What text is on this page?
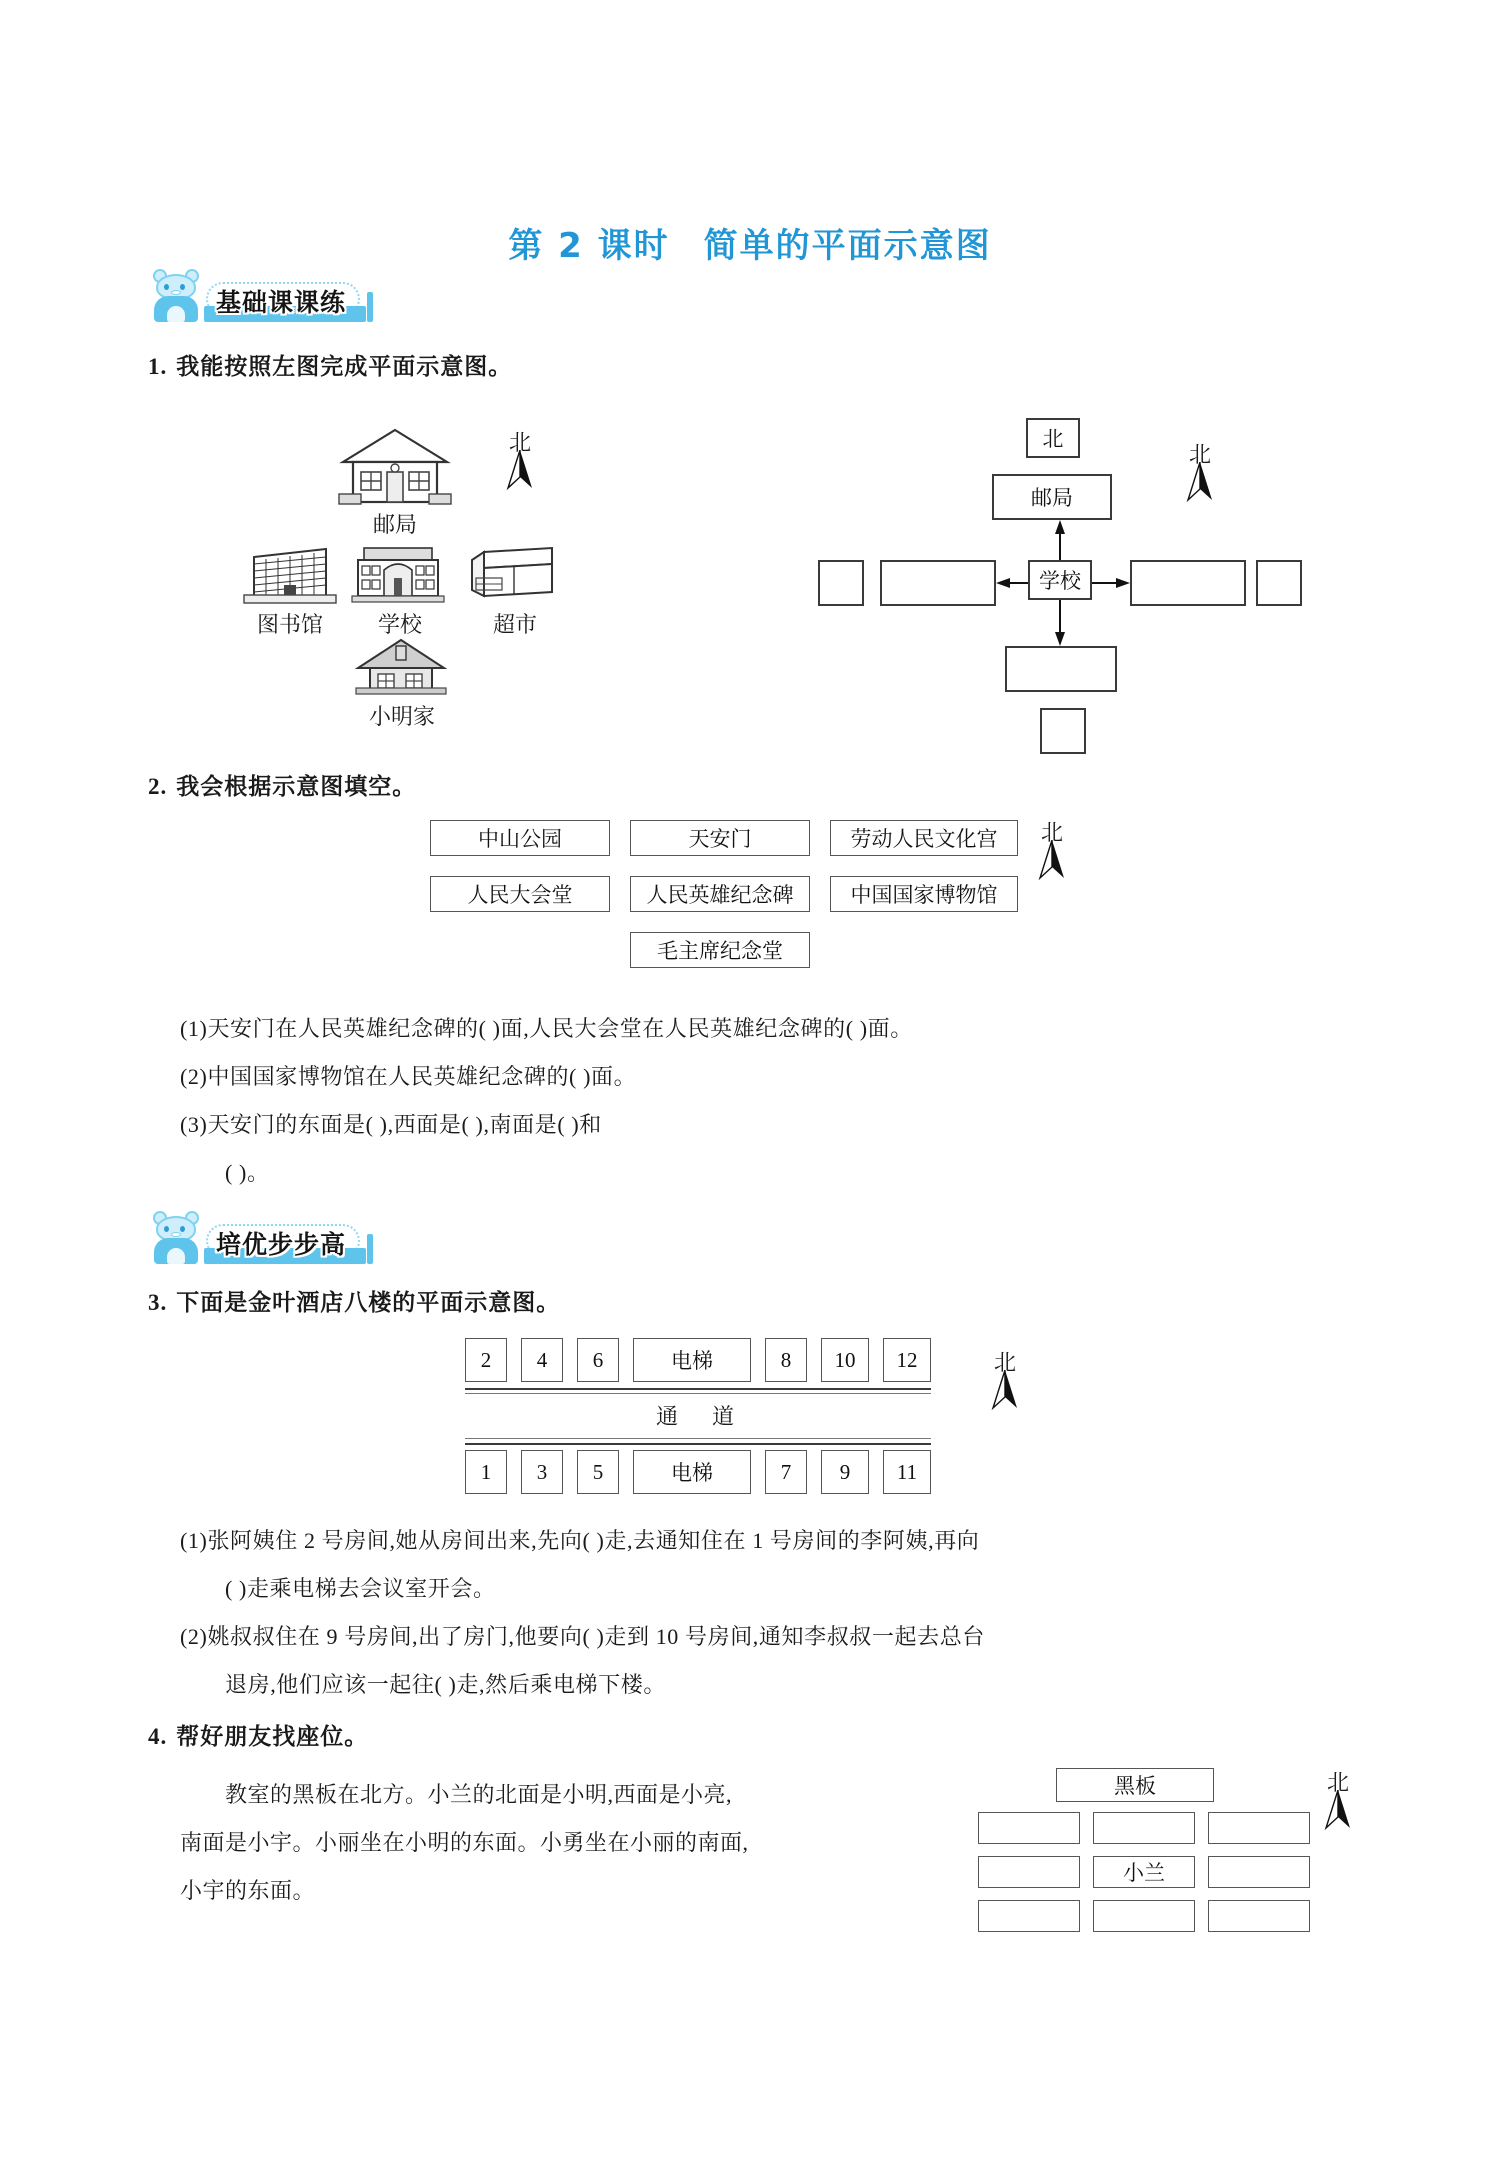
第 2 课时 简单的平面示意图
基础课课练
1. 我能按照左图完成平面示意图。
邮局
图书馆	学校	超市
小明家
北	北
邮局
北
学校
2. 我会根据示意图填空。
中山公园	天安门	劳动人民文化宫
人民大会堂	人民英雄纪念碑	中国国家博物馆
毛主席纪念堂
北
(1)天安门在人民英雄纪念碑的( )面,人民大会堂在人民英雄纪念碑的( )面。
(2)中国国家博物馆在人民英雄纪念碑的( )面。
(3)天安门的东面是( ),西面是( ),南面是( )和
( )。
培优步步高
3. 下面是金叶酒店八楼的平面示意图。
2	4	6	电梯	8	10	12
通　道
1	3	5	电梯	7	9	11
北
(1)张阿姨住 2 号房间,她从房间出来,先向( )走,去通知住在 1 号房间的李阿姨,再向
( )走乘电梯去会议室开会。
(2)姚叔叔住在 9 号房间,出了房门,他要向( )走到 10 号房间,通知李叔叔一起去总台
退房,他们应该一起往( )走,然后乘电梯下楼。
4. 帮好朋友找座位。
　　教室的黑板在北方。小兰的北面是小明,西面是小亮,
南面是小宇。小丽坐在小明的东面。小勇坐在小丽的南面,
小宇的东面。
黑板
小兰
北
